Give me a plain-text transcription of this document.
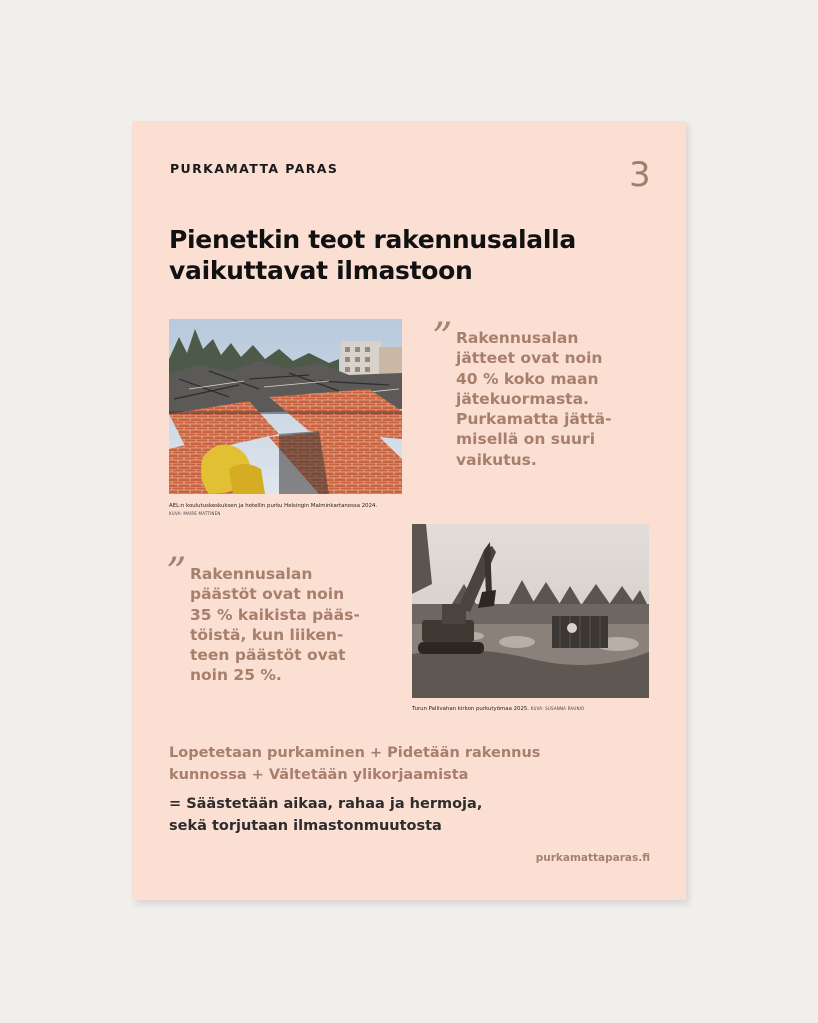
PURKAMATTA PARAS	3
Pienetkin teot rakennusalalla vaikuttavat ilmastoon
AEL:n koulutuskeskuksen ja hotellin purku Helsingin Malminkartanossa 2024.
KUVA: MAIRE MATTINEN
” Rakennusalan
jätteet ovat noin
40 % koko maan
jätekuormasta.
Purkamatta jättä-
misellä on suuri
vaikutus.
” Rakennusalan
päästöt ovat noin
35 % kaikista pääs-
töistä, kun liiken-
teen päästöt ovat
noin 25 %.
Turun Pallivahan kirkon purkutyömaa 2025. KUVA: SUSANNA RAUNIO
Lopetetaan purkaminen + Pidetään rakennus
kunnossa + Vältetään ylikorjaamista
= Säästetään aikaa, rahaa ja hermoja,
sekä torjutaan ilmastonmuutosta
purkamattaparas.fi
